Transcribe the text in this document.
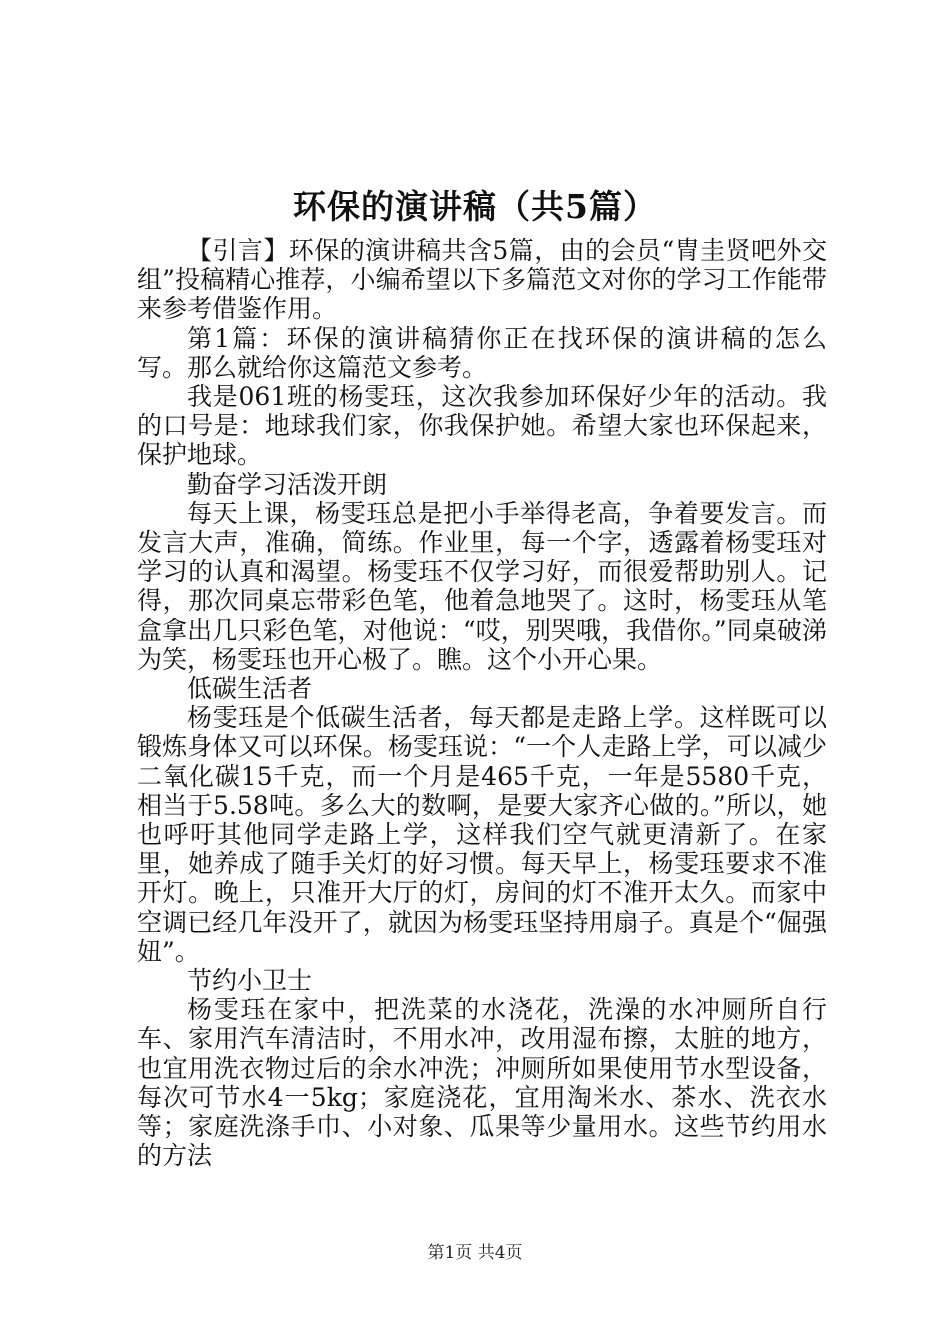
环保的演讲稿（共5篇）

【引言】环保的演讲稿共含5篇，由的会员“冑圭贤吧外交组”投稿精心推荐，小编希望以下多篇范文对你的学习工作能带来参考借鉴作用。

第1篇：环保的演讲稿猜你正在找环保的演讲稿的怎么写。那么就给你这篇范文参考。

我是061班的杨雯珏，这次我参加环保好少年的活动。我的口号是：地球我们家，你我保护她。希望大家也环保起来，保护地球。

勤奋学习活泼开朗

每天上课，杨雯珏总是把小手举得老高，争着要发言。而发言大声，准确，简练。作业里，每一个字，透露着杨雯珏对学习的认真和渴望。杨雯珏不仅学习好，而很爱帮助别人。记得，那次同桌忘带彩色笔，他着急地哭了。这时，杨雯珏从笔盒拿出几只彩色笔，对他说：“哎，别哭哦，我借你。”同桌破涕为笑，杨雯珏也开心极了。瞧。这个小开心果。

低碳生活者

杨雯珏是个低碳生活者，每天都是走路上学。这样既可以锻炼身体又可以环保。杨雯珏说：“一个人走路上学，可以减少二氧化碳15千克，而一个月是465千克，一年是5580千克，相当于5.58吨。多么大的数啊，是要大家齐心做的。”所以，她也呼吁其他同学走路上学，这样我们空气就更清新了。在家里，她养成了随手关灯的好习惯。每天早上，杨雯珏要求不准开灯。晚上，只准开大厅的灯，房间的灯不准开太久。而家中空调已经几年没开了，就因为杨雯珏坚持用扇子。真是个“倔强妞”。

节约小卫士

杨雯珏在家中，把洗菜的水浇花，洗澡的水冲厕所自行车、家用汽车清洁时，不用水冲，改用湿布擦，太脏的地方，也宜用洗衣物过后的余水冲洗；冲厕所如果使用节水型设备，每次可节水4一5kg；家庭浇花，宜用淘米水、茶水、洗衣水等；家庭洗涤手巾、小对象、瓜果等少量用水。这些节约用水的方法

第1页 共4页
